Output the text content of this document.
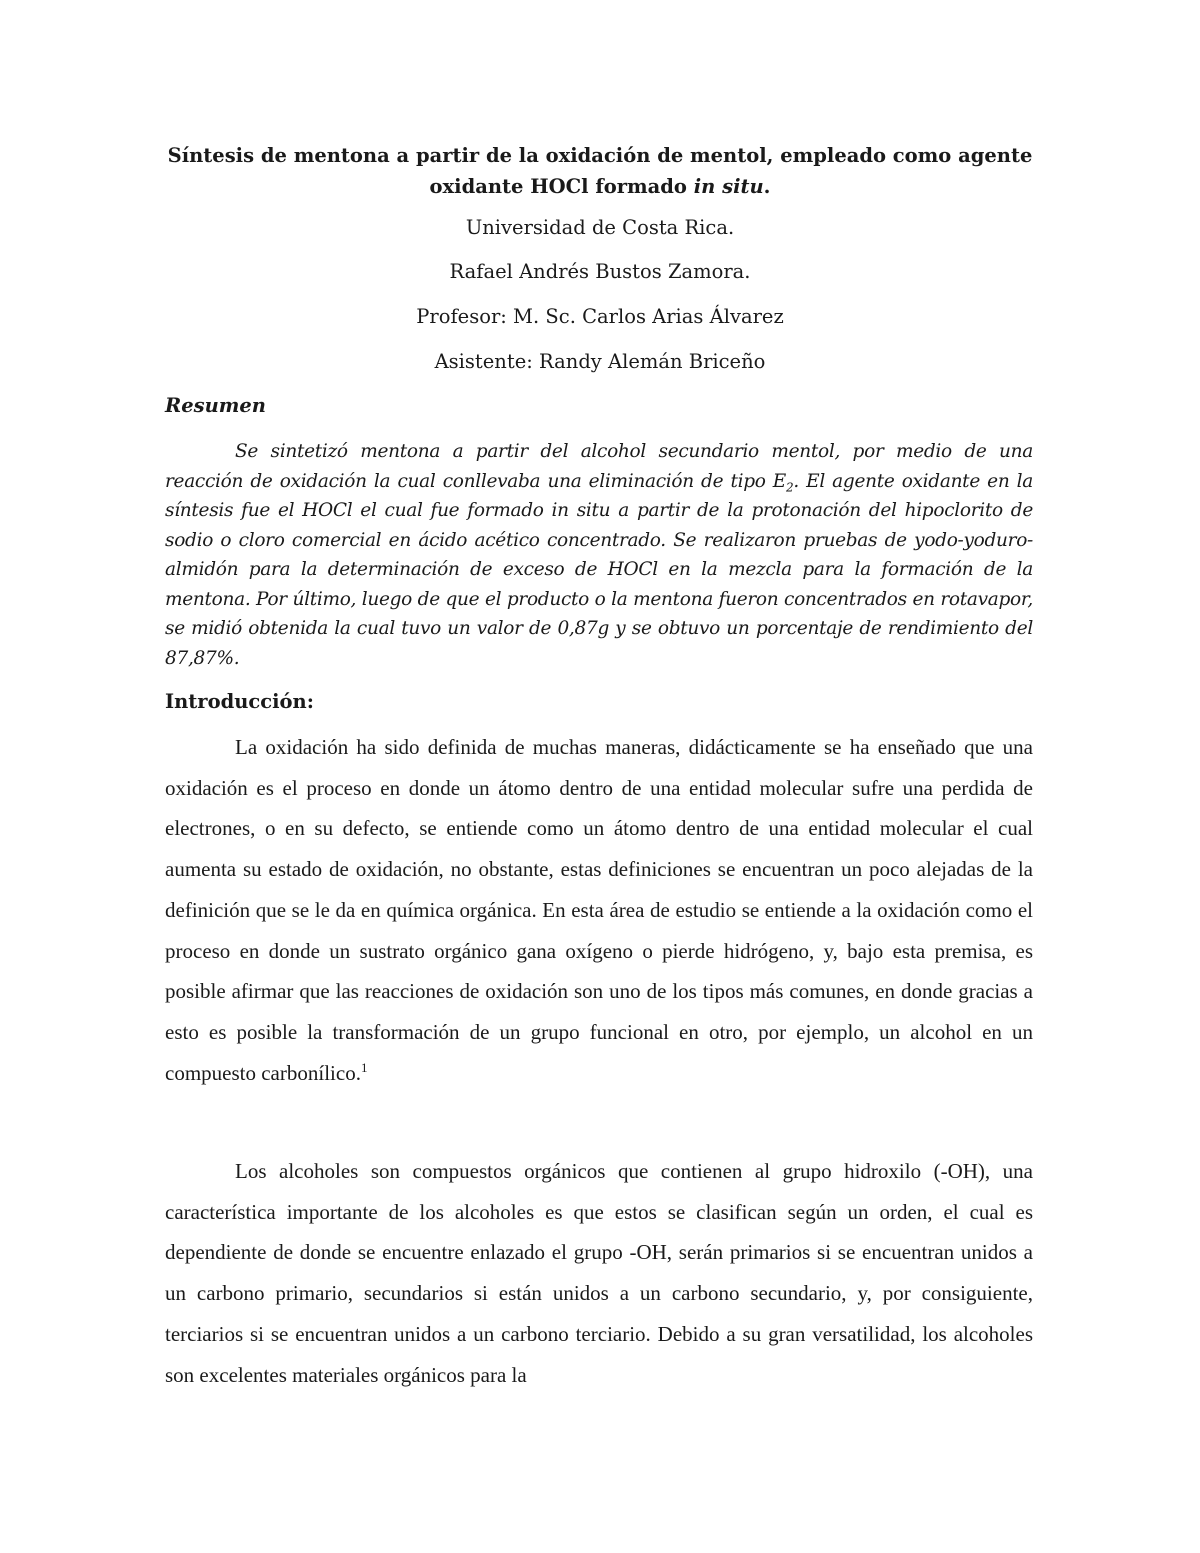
Síntesis de mentona a partir de la oxidación de mentol, empleado como agente
oxidante HOCl formado in situ.
Universidad de Costa Rica.
Rafael Andrés Bustos Zamora.
Profesor: M. Sc. Carlos Arias Álvarez
Asistente: Randy Alemán Briceño
Resumen

Se sintetizó mentona a partir del alcohol secundario mentol, por medio de una reacción de oxidación la cual conllevaba una eliminación de tipo $E_2$. El agente oxidante en la síntesis fue el HOCl el cual fue formado in situ a partir de la protonación del hipoclorito de sodio o cloro comercial en ácido acético concentrado. Se realizaron pruebas de yodo-yoduro-almidón para la determinación de exceso de HOCl en la mezcla para la formación de la mentona. Por último, luego de que el producto o la mentona fueron concentrados en rotavapor, se midió obtenida la cual tuvo un valor de 0,87g y se obtuvo un porcentaje de rendimiento del 87,87%.

Introducción:

La oxidación ha sido definida de muchas maneras, didácticamente se ha enseñado que una oxidación es el proceso en donde un átomo dentro de una entidad molecular sufre una perdida de electrones, o en su defecto, se entiende como un átomo dentro de una entidad molecular el cual aumenta su estado de oxidación, no obstante, estas definiciones se encuentran un poco alejadas de la definición que se le da en química orgánica. En esta área de estudio se entiende a la oxidación como el proceso en donde un sustrato orgánico gana oxígeno o pierde hidrógeno, y, bajo esta premisa, es posible afirmar que las reacciones de oxidación son uno de los tipos más comunes, en donde gracias a esto es posible la transformación de un grupo funcional en otro, por ejemplo, un alcohol en un compuesto carbonílico.$^1$

Los alcoholes son compuestos orgánicos que contienen al grupo hidroxilo (-OH), una característica importante de los alcoholes es que estos se clasifican según un orden, el cual es dependiente de donde se encuentre enlazado el grupo -OH, serán primarios si se encuentran unidos a un carbono primario, secundarios si están unidos a un carbono secundario, y, por consiguiente, terciarios si se encuentran unidos a un carbono terciario. Debido a su gran versatilidad, los alcoholes son excelentes materiales orgánicos para la
